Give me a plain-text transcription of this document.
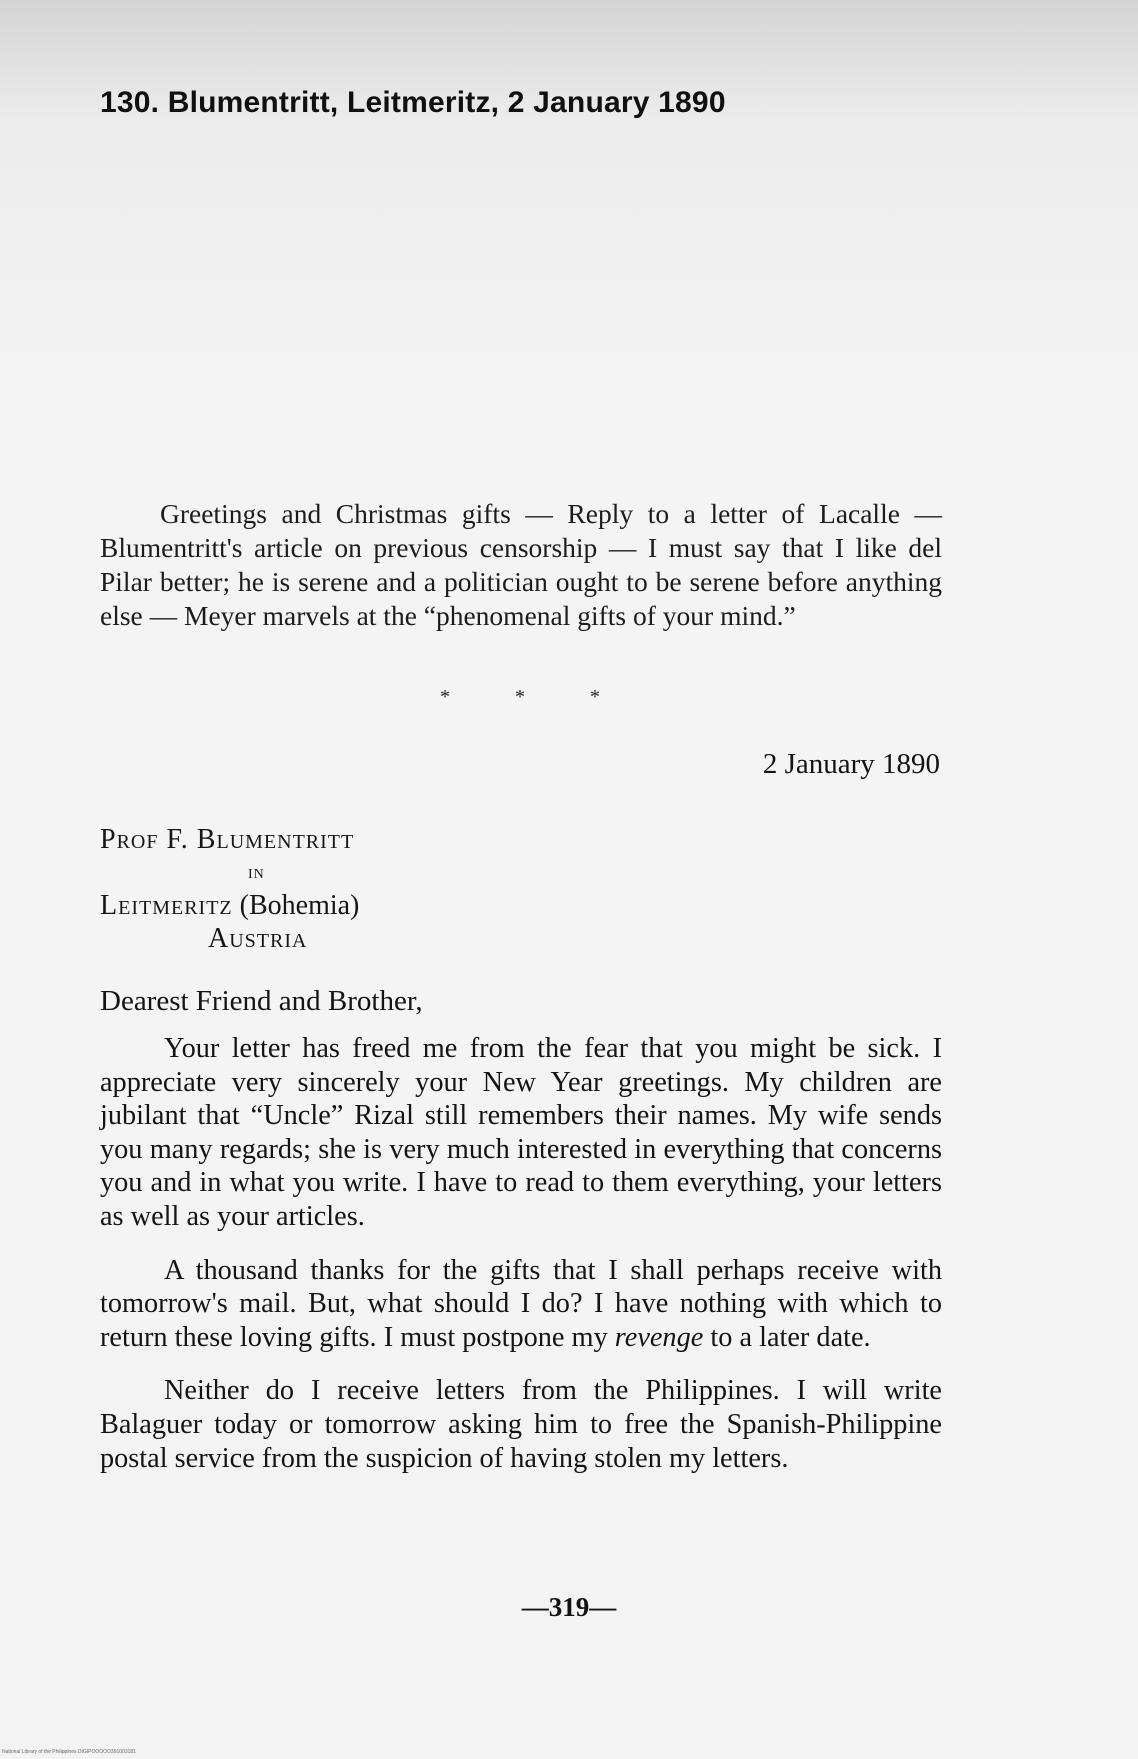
130. Blumentritt, Leitmeritz, 2 January 1890

Greetings and Christmas gifts — Reply to a letter of Lacalle — Blumentritt's article on previous censorship — I must say that I like del Pilar better; he is serene and a politician ought to be serene before anything else — Meyer marvels at the “phenomenal gifts of your mind.”

*	*	*

2 January 1890

Prof F. Blumentritt
in
Leitmeritz (Bohemia)
Austria

Dearest Friend and Brother,

Your letter has freed me from the fear that you might be sick. I appreciate very sincerely your New Year greetings. My children are jubilant that “Uncle” Rizal still remembers their names. My wife sends you many regards; she is very much interested in everything that concerns you and in what you write. I have to read to them everything, your letters as well as your articles.

A thousand thanks for the gifts that I shall perhaps receive with tomorrow's mail. But, what should I do? I have nothing with which to return these loving gifts. I must postpone my revenge to a later date.

Neither do I receive letters from the Philippines. I will write Balaguer today or tomorrow asking him to free the Spanish-Philippine postal service from the suspicion of having stolen my letters.

—319—

National Library of the Philippines DIGIPOOOOO391003181
